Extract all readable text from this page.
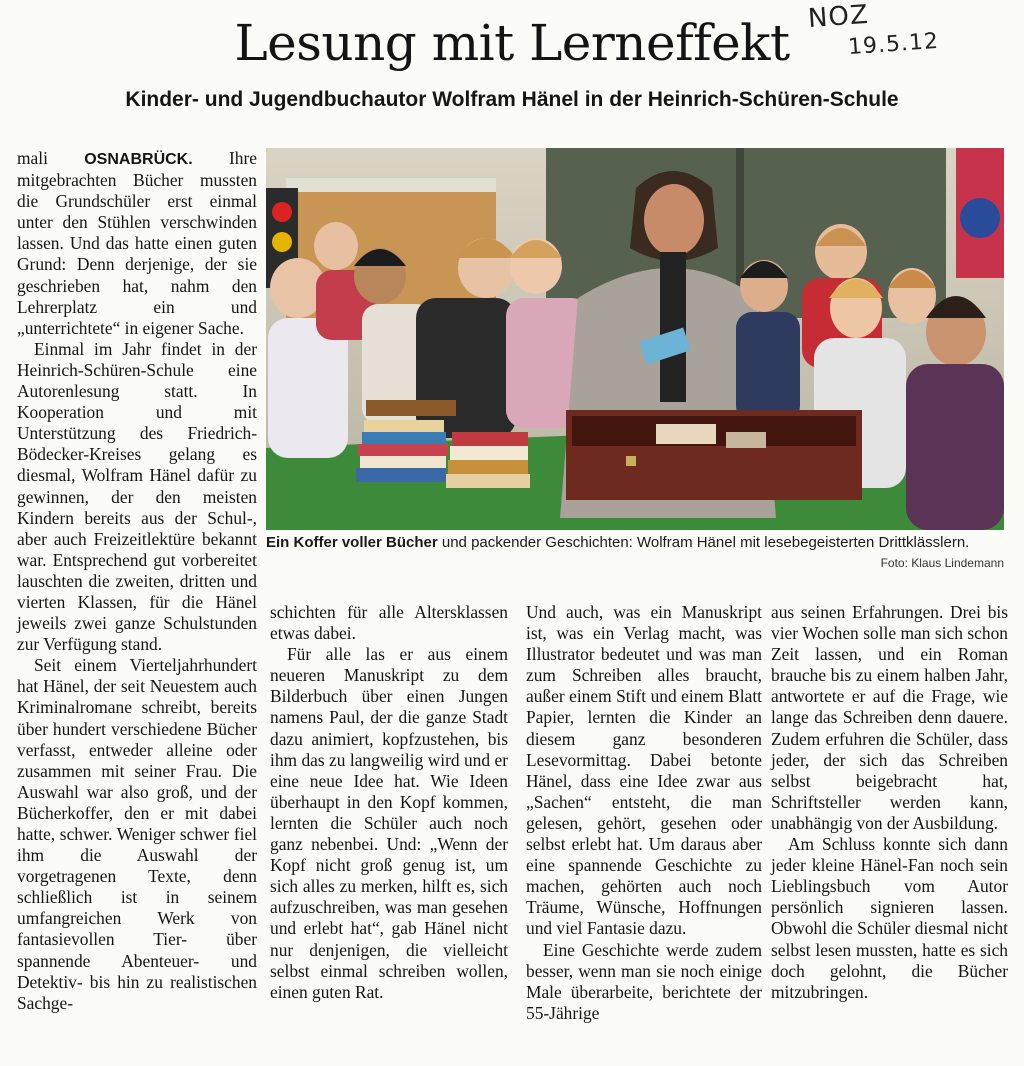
NOZ
19.5.12
Lesung mit Lerneffekt
Kinder- und Jugendbuchautor Wolfram Hänel in der Heinrich-Schüren-Schule

mali OSNABRÜCK. Ihre mitgebrachten Bücher mussten die Grundschüler erst einmal unter den Stühlen verschwinden lassen. Und das hatte einen guten Grund: Denn derjenige, der sie geschrieben hat, nahm den Lehrerplatz ein und „unterrichtete“ in eigener Sache.

Einmal im Jahr findet in der Heinrich-Schüren-Schule eine Autorenlesung statt. In Kooperation und mit Unterstützung des Friedrich-Bödecker-Kreises gelang es diesmal, Wolfram Hänel dafür zu gewinnen, der den meisten Kindern bereits aus der Schul-, aber auch Freizeitlektüre bekannt war. Entsprechend gut vorbereitet lauschten die zweiten, dritten und vierten Klassen, für die Hänel jeweils zwei ganze Schulstunden zur Verfügung stand.

Seit einem Vierteljahrhundert hat Hänel, der seit Neuestem auch Kriminalromane schreibt, bereits über hundert verschiedene Bücher verfasst, entweder alleine oder zusammen mit seiner Frau. Die Auswahl war also groß, und der Bücherkoffer, den er mit dabei hatte, schwer. Weniger schwer fiel ihm die Auswahl der vorgetragenen Texte, denn schließlich ist in seinem umfangreichen Werk von fantasievollen Tier- über spannende Abenteuer- und Detektiv- bis hin zu realistischen Sachge-

Ein Koffer voller Bücher und packender Geschichten: Wolfram Hänel mit lesebegeisterten Drittklässlern.
Foto: Klaus Lindemann

schichten für alle Altersklassen etwas dabei.

Für alle las er aus einem neueren Manuskript zu dem Bilderbuch über einen Jungen namens Paul, der die ganze Stadt dazu animiert, kopfzustehen, bis ihm das zu langweilig wird und er eine neue Idee hat. Wie Ideen überhaupt in den Kopf kommen, lernten die Schüler auch noch ganz nebenbei. Und: „Wenn der Kopf nicht groß genug ist, um sich alles zu merken, hilft es, sich aufzuschreiben, was man gesehen und erlebt hat“, gab Hänel nicht nur denjenigen, die vielleicht selbst einmal schreiben wollen, einen guten Rat.

Und auch, was ein Manuskript ist, was ein Verlag macht, was Illustrator bedeutet und was man zum Schreiben alles braucht, außer einem Stift und einem Blatt Papier, lernten die Kinder an diesem ganz besonderen Lesevormittag. Dabei betonte Hänel, dass eine Idee zwar aus „Sachen“ entsteht, die man gelesen, gehört, gesehen oder selbst erlebt hat. Um daraus aber eine spannende Geschichte zu machen, gehörten auch noch Träume, Wünsche, Hoffnungen und viel Fantasie dazu.

Eine Geschichte werde zudem besser, wenn man sie noch einige Male überarbeite, berichtete der 55-Jährige

aus seinen Erfahrungen. Drei bis vier Wochen solle man sich schon Zeit lassen, und ein Roman brauche bis zu einem halben Jahr, antwortete er auf die Frage, wie lange das Schreiben denn dauere. Zudem erfuhren die Schüler, dass jeder, der sich das Schreiben selbst beigebracht hat, Schriftsteller werden kann, unabhängig von der Ausbildung.

Am Schluss konnte sich dann jeder kleine Hänel-Fan noch sein Lieblingsbuch vom Autor persönlich signieren lassen. Obwohl die Schüler diesmal nicht selbst lesen mussten, hatte es sich doch gelohnt, die Bücher mitzubringen.
